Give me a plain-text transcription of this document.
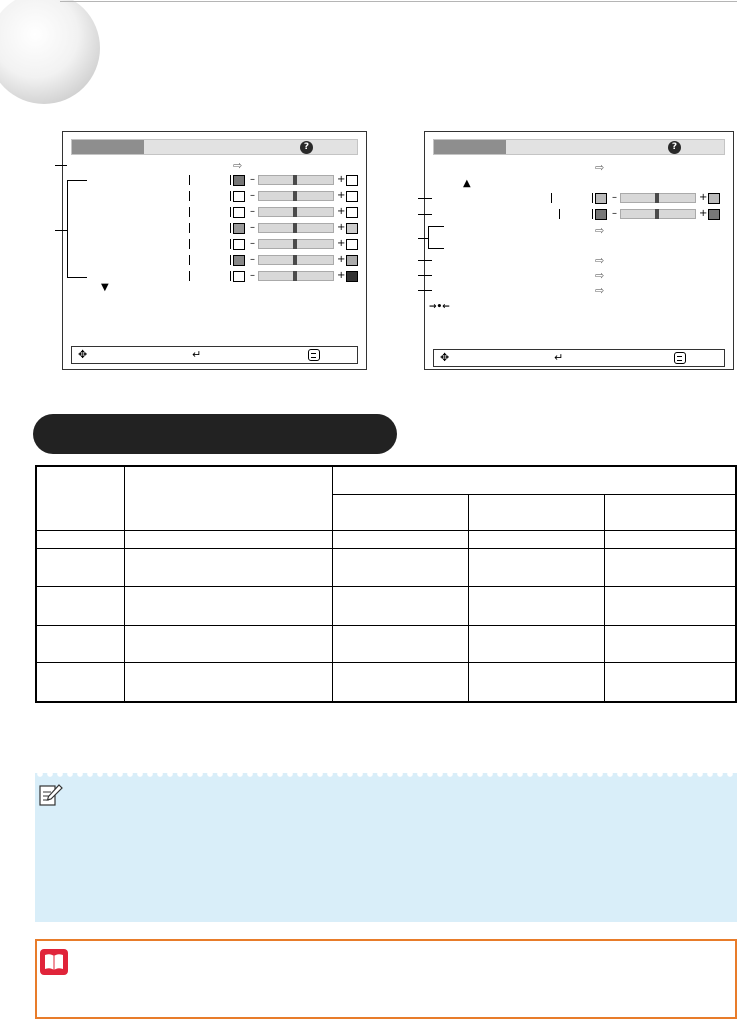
?
⇨
–	+
–	+
–	+
–	+
–	+
–	+
–	+
▼
✥	↵
?
⇨
▲
–	+
–	+
⇨
⇨
⇨
⇨
→•←
✥	↵
